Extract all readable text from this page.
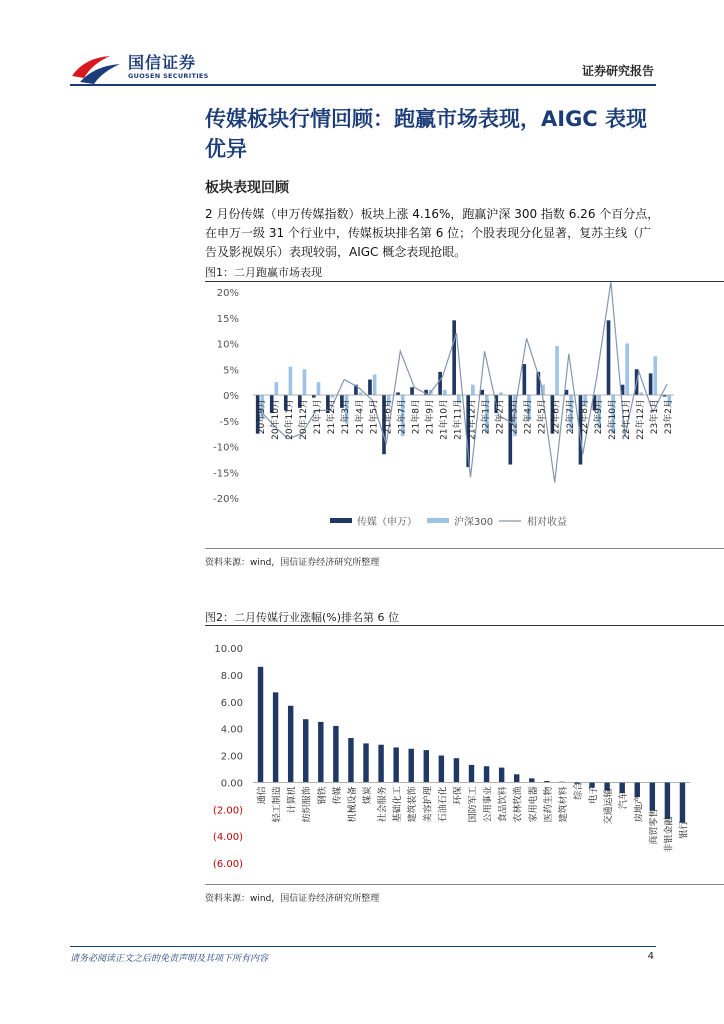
国信证券
GUOSEN SECURITIES	证券研究报告
传媒板块行情回顾：跑赢市场表现，AIGC 表现优异
板块表现回顾
2 月份传媒（申万传媒指数）板块上涨 4.16%，跑赢沪深 300 指数 6.26 个百分点，在申万一级 31 个行业中，传媒板块排名第 6 位；个股表现分化显著，复苏主线（广告及影视娱乐）表现较弱，AIGC 概念表现抢眼。
图1：二月跑赢市场表现
20%
15%
10%
5%
0%
-5%
-10%
-15%
-20%
20年9月 20年10月 20年11月 20年12月 21年1月 21年2月 21年3月 21年4月 21年5月 21年6月 21年7月 21年8月 21年9月 21年10月 21年11月 21年12月 22年1月 22年2月 22年3月 22年4月 22年5月 22年6月 22年7月 22年8月 22年9月 22年10月 22年11月 22年12月 23年1月 23年2月
传媒（申万）	沪深300	相对收益
资料来源：wind，国信证券经济研究所整理
图2：二月传媒行业涨幅(%)排名第 6 位
10.00
8.00
6.00
4.00
2.00
0.00
(2.00)
(4.00)
(6.00)
通信 轻工制造 计算机 纺织服饰 钢铁 传媒 机械设备 煤炭 社会服务 基础化工 建筑装饰 美容护理 石油石化 环保 国防军工 公用事业 食品饮料 农林牧渔 家用电器 医药生物 建筑材料 综合 电子 交通运输 汽车 房地产 商贸零售 非银金融 银行
资料来源：wind，国信证券经济研究所整理
请务必阅读正文之后的免责声明及其项下所有内容	4
